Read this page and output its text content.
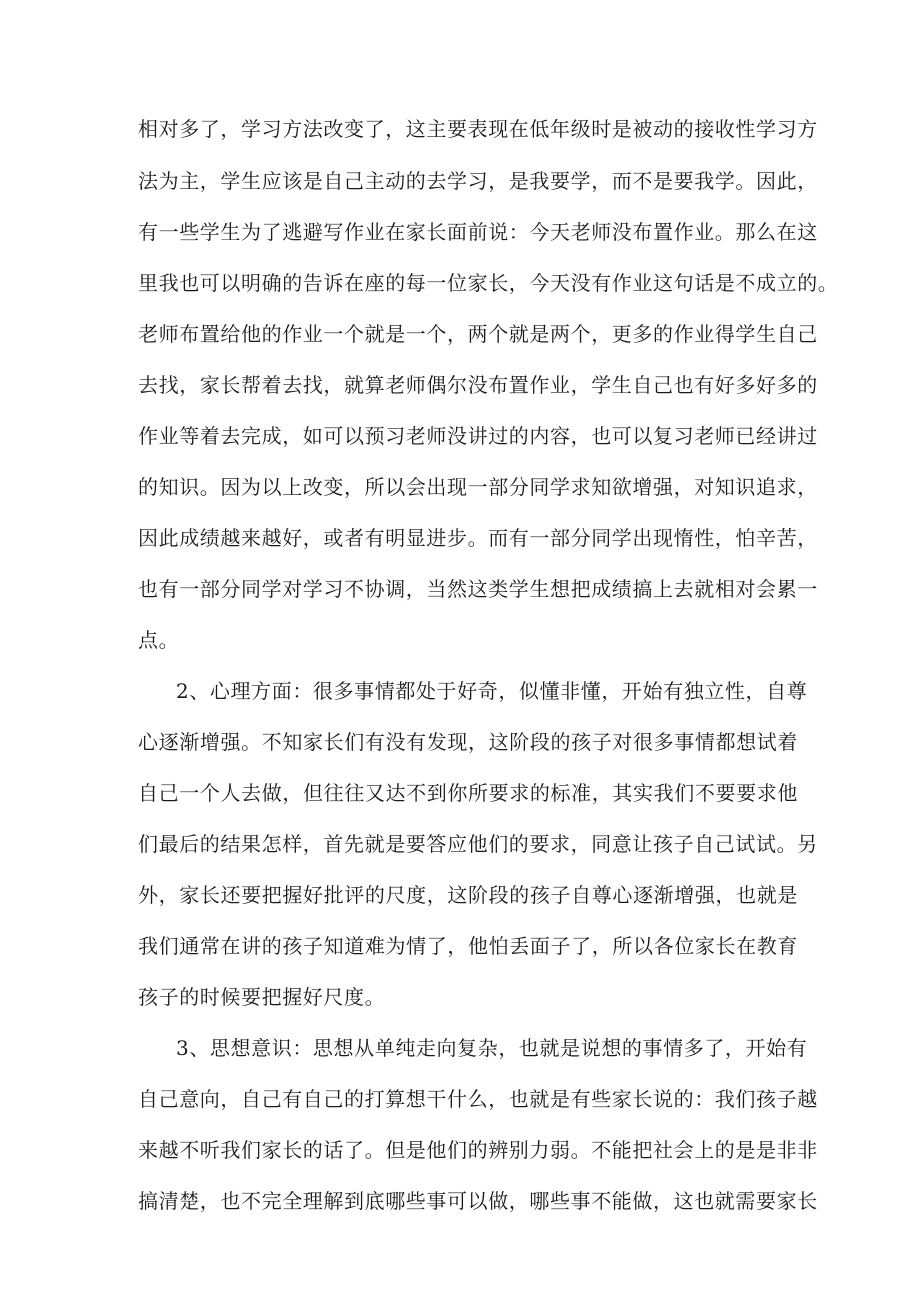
相对多了，学习方法改变了，这主要表现在低年级时是被动的接收性学习方
法为主，学生应该是自己主动的去学习，是我要学，而不是要我学。因此，
有一些学生为了逃避写作业在家长面前说：今天老师没布置作业。那么在这
里我也可以明确的告诉在座的每一位家长，今天没有作业这句话是不成立的。
老师布置给他的作业一个就是一个，两个就是两个，更多的作业得学生自己
去找，家长帮着去找，就算老师偶尔没布置作业，学生自己也有好多好多的
作业等着去完成，如可以预习老师没讲过的内容，也可以复习老师已经讲过
的知识。因为以上改变，所以会出现一部分同学求知欲增强，对知识追求，
因此成绩越来越好，或者有明显进步。而有一部分同学出现惰性，怕辛苦，
也有一部分同学对学习不协调，当然这类学生想把成绩搞上去就相对会累一
点。
2、心理方面：很多事情都处于好奇，似懂非懂，开始有独立性，自尊
心逐渐增强。不知家长们有没有发现，这阶段的孩子对很多事情都想试着
自己一个人去做，但往往又达不到你所要求的标准，其实我们不要要求他
们最后的结果怎样，首先就是要答应他们的要求，同意让孩子自己试试。另
外，家长还要把握好批评的尺度，这阶段的孩子自尊心逐渐增强，也就是
我们通常在讲的孩子知道难为情了，他怕丢面子了，所以各位家长在教育
孩子的时候要把握好尺度。
3、思想意识：思想从单纯走向复杂，也就是说想的事情多了，开始有
自己意向，自己有自己的打算想干什么，也就是有些家长说的：我们孩子越
来越不听我们家长的话了。但是他们的辨别力弱。不能把社会上的是是非非
搞清楚，也不完全理解到底哪些事可以做，哪些事不能做，这也就需要家长
